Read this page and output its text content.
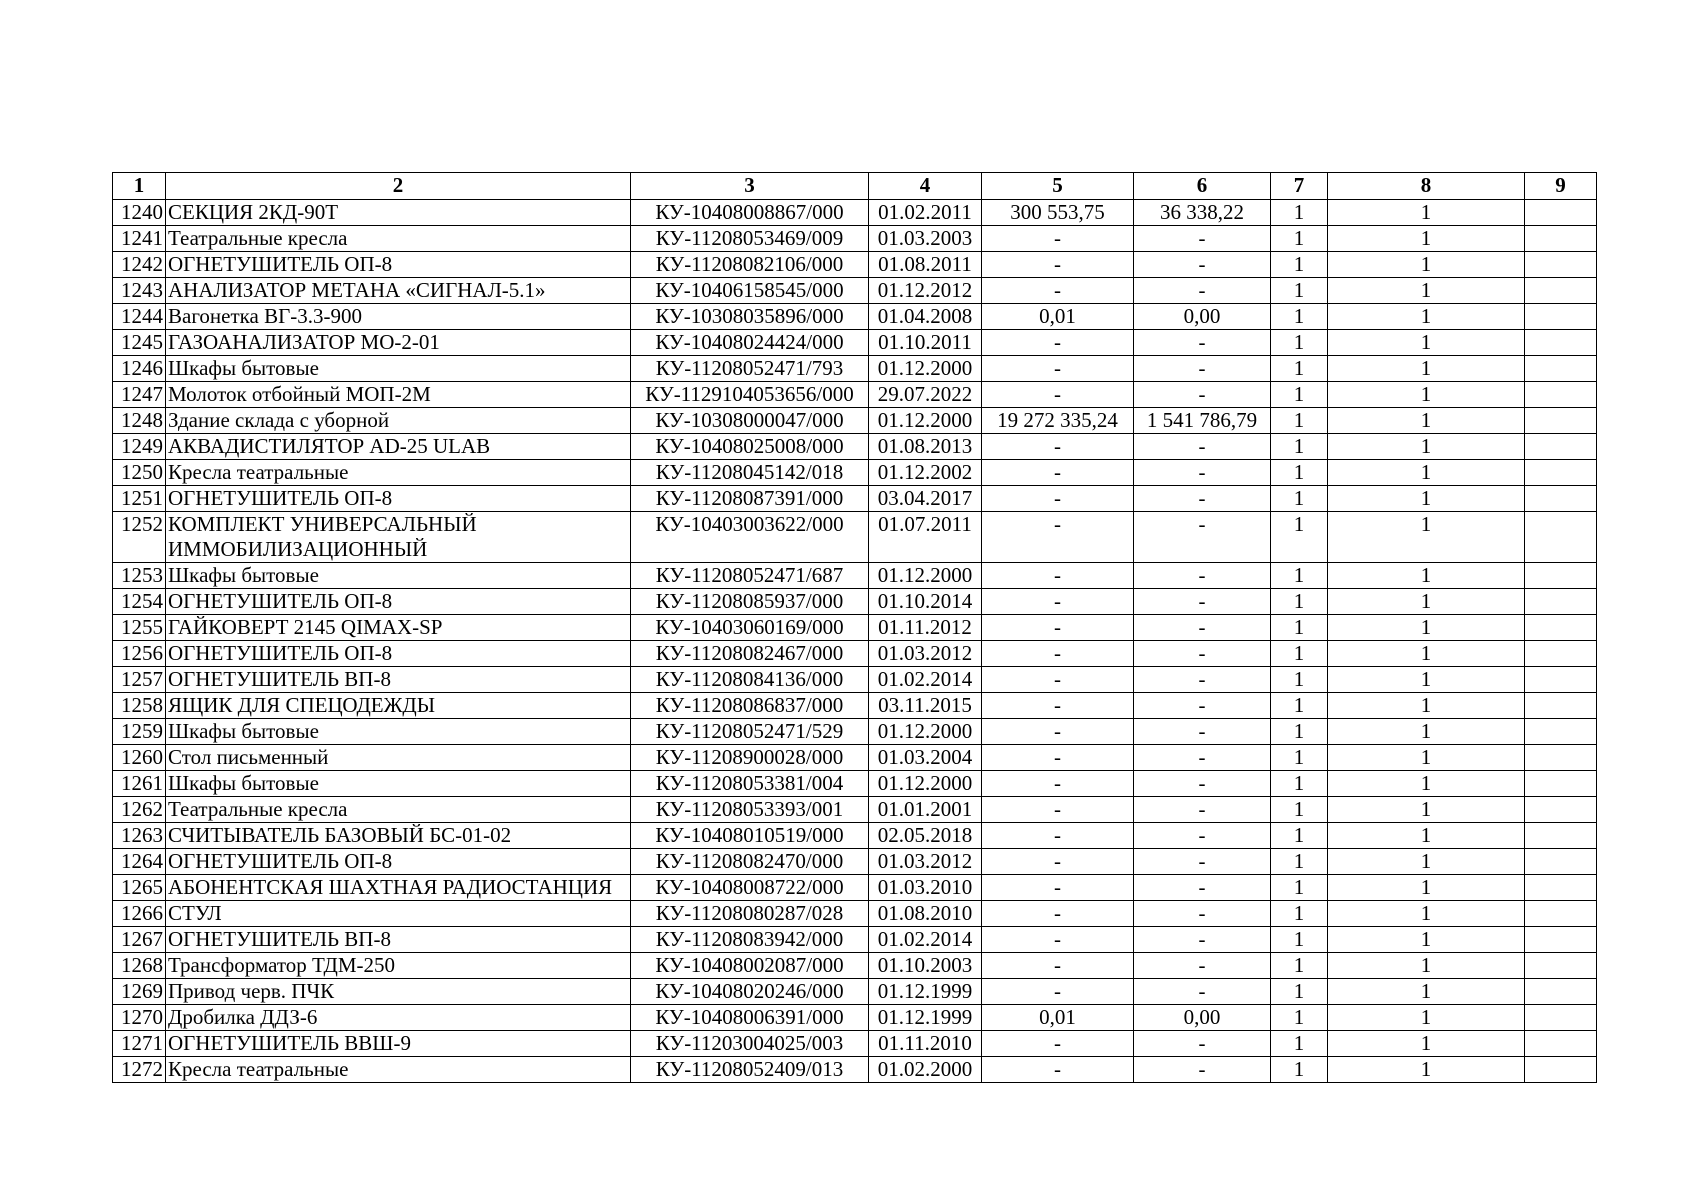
1	2	3	4	5	6	7	8	9
1240	СЕКЦИЯ 2КД-90Т	КУ-10408008867/000	01.02.2011	300 553,75	36 338,22	1	1	
1241	Театральные кресла	КУ-11208053469/009	01.03.2003	-	-	1	1	
1242	ОГНЕТУШИТЕЛЬ ОП-8	КУ-11208082106/000	01.08.2011	-	-	1	1	
1243	АНАЛИЗАТОР МЕТАНА «СИГНАЛ-5.1»	КУ-10406158545/000	01.12.2012	-	-	1	1	
1244	Вагонетка ВГ-3.3-900	КУ-10308035896/000	01.04.2008	0,01	0,00	1	1	
1245	ГАЗОАНАЛИЗАТОР МО-2-01	КУ-10408024424/000	01.10.2011	-	-	1	1	
1246	Шкафы бытовые	КУ-11208052471/793	01.12.2000	-	-	1	1	
1247	Молоток отбойный МОП-2М	КУ-1129104053656/000	29.07.2022	-	-	1	1	
1248	Здание склада с уборной	КУ-10308000047/000	01.12.2000	19 272 335,24	1 541 786,79	1	1	
1249	АКВАДИСТИЛЯТОР AD-25 ULAB	КУ-10408025008/000	01.08.2013	-	-	1	1	
1250	Кресла театральные	КУ-11208045142/018	01.12.2002	-	-	1	1	
1251	ОГНЕТУШИТЕЛЬ ОП-8	КУ-11208087391/000	03.04.2017	-	-	1	1	
1252	КОМПЛЕКТ УНИВЕРСАЛЬНЫЙ ИММОБИЛИЗАЦИОННЫЙ	КУ-10403003622/000	01.07.2011	-	-	1	1	
1253	Шкафы бытовые	КУ-11208052471/687	01.12.2000	-	-	1	1	
1254	ОГНЕТУШИТЕЛЬ ОП-8	КУ-11208085937/000	01.10.2014	-	-	1	1	
1255	ГАЙКОВЕРТ 2145 QIMAX-SP	КУ-10403060169/000	01.11.2012	-	-	1	1	
1256	ОГНЕТУШИТЕЛЬ ОП-8	КУ-11208082467/000	01.03.2012	-	-	1	1	
1257	ОГНЕТУШИТЕЛЬ ВП-8	КУ-11208084136/000	01.02.2014	-	-	1	1	
1258	ЯЩИК ДЛЯ СПЕЦОДЕЖДЫ	КУ-11208086837/000	03.11.2015	-	-	1	1	
1259	Шкафы бытовые	КУ-11208052471/529	01.12.2000	-	-	1	1	
1260	Стол письменный	КУ-11208900028/000	01.03.2004	-	-	1	1	
1261	Шкафы бытовые	КУ-11208053381/004	01.12.2000	-	-	1	1	
1262	Театральные кресла	КУ-11208053393/001	01.01.2001	-	-	1	1	
1263	СЧИТЫВАТЕЛЬ БАЗОВЫЙ БС-01-02	КУ-10408010519/000	02.05.2018	-	-	1	1	
1264	ОГНЕТУШИТЕЛЬ ОП-8	КУ-11208082470/000	01.03.2012	-	-	1	1	
1265	АБОНЕНТСКАЯ ШАХТНАЯ РАДИОСТАНЦИЯ	КУ-10408008722/000	01.03.2010	-	-	1	1	
1266	СТУЛ	КУ-11208080287/028	01.08.2010	-	-	1	1	
1267	ОГНЕТУШИТЕЛЬ ВП-8	КУ-11208083942/000	01.02.2014	-	-	1	1	
1268	Трансформатор ТДМ-250	КУ-10408002087/000	01.10.2003	-	-	1	1	
1269	Привод черв. ПЧК	КУ-10408020246/000	01.12.1999	-	-	1	1	
1270	Дробилка ДДЗ-6	КУ-10408006391/000	01.12.1999	0,01	0,00	1	1	
1271	ОГНЕТУШИТЕЛЬ ВВШ-9	КУ-11203004025/003	01.11.2010	-	-	1	1	
1272	Кресла театральные	КУ-11208052409/013	01.02.2000	-	-	1	1	
